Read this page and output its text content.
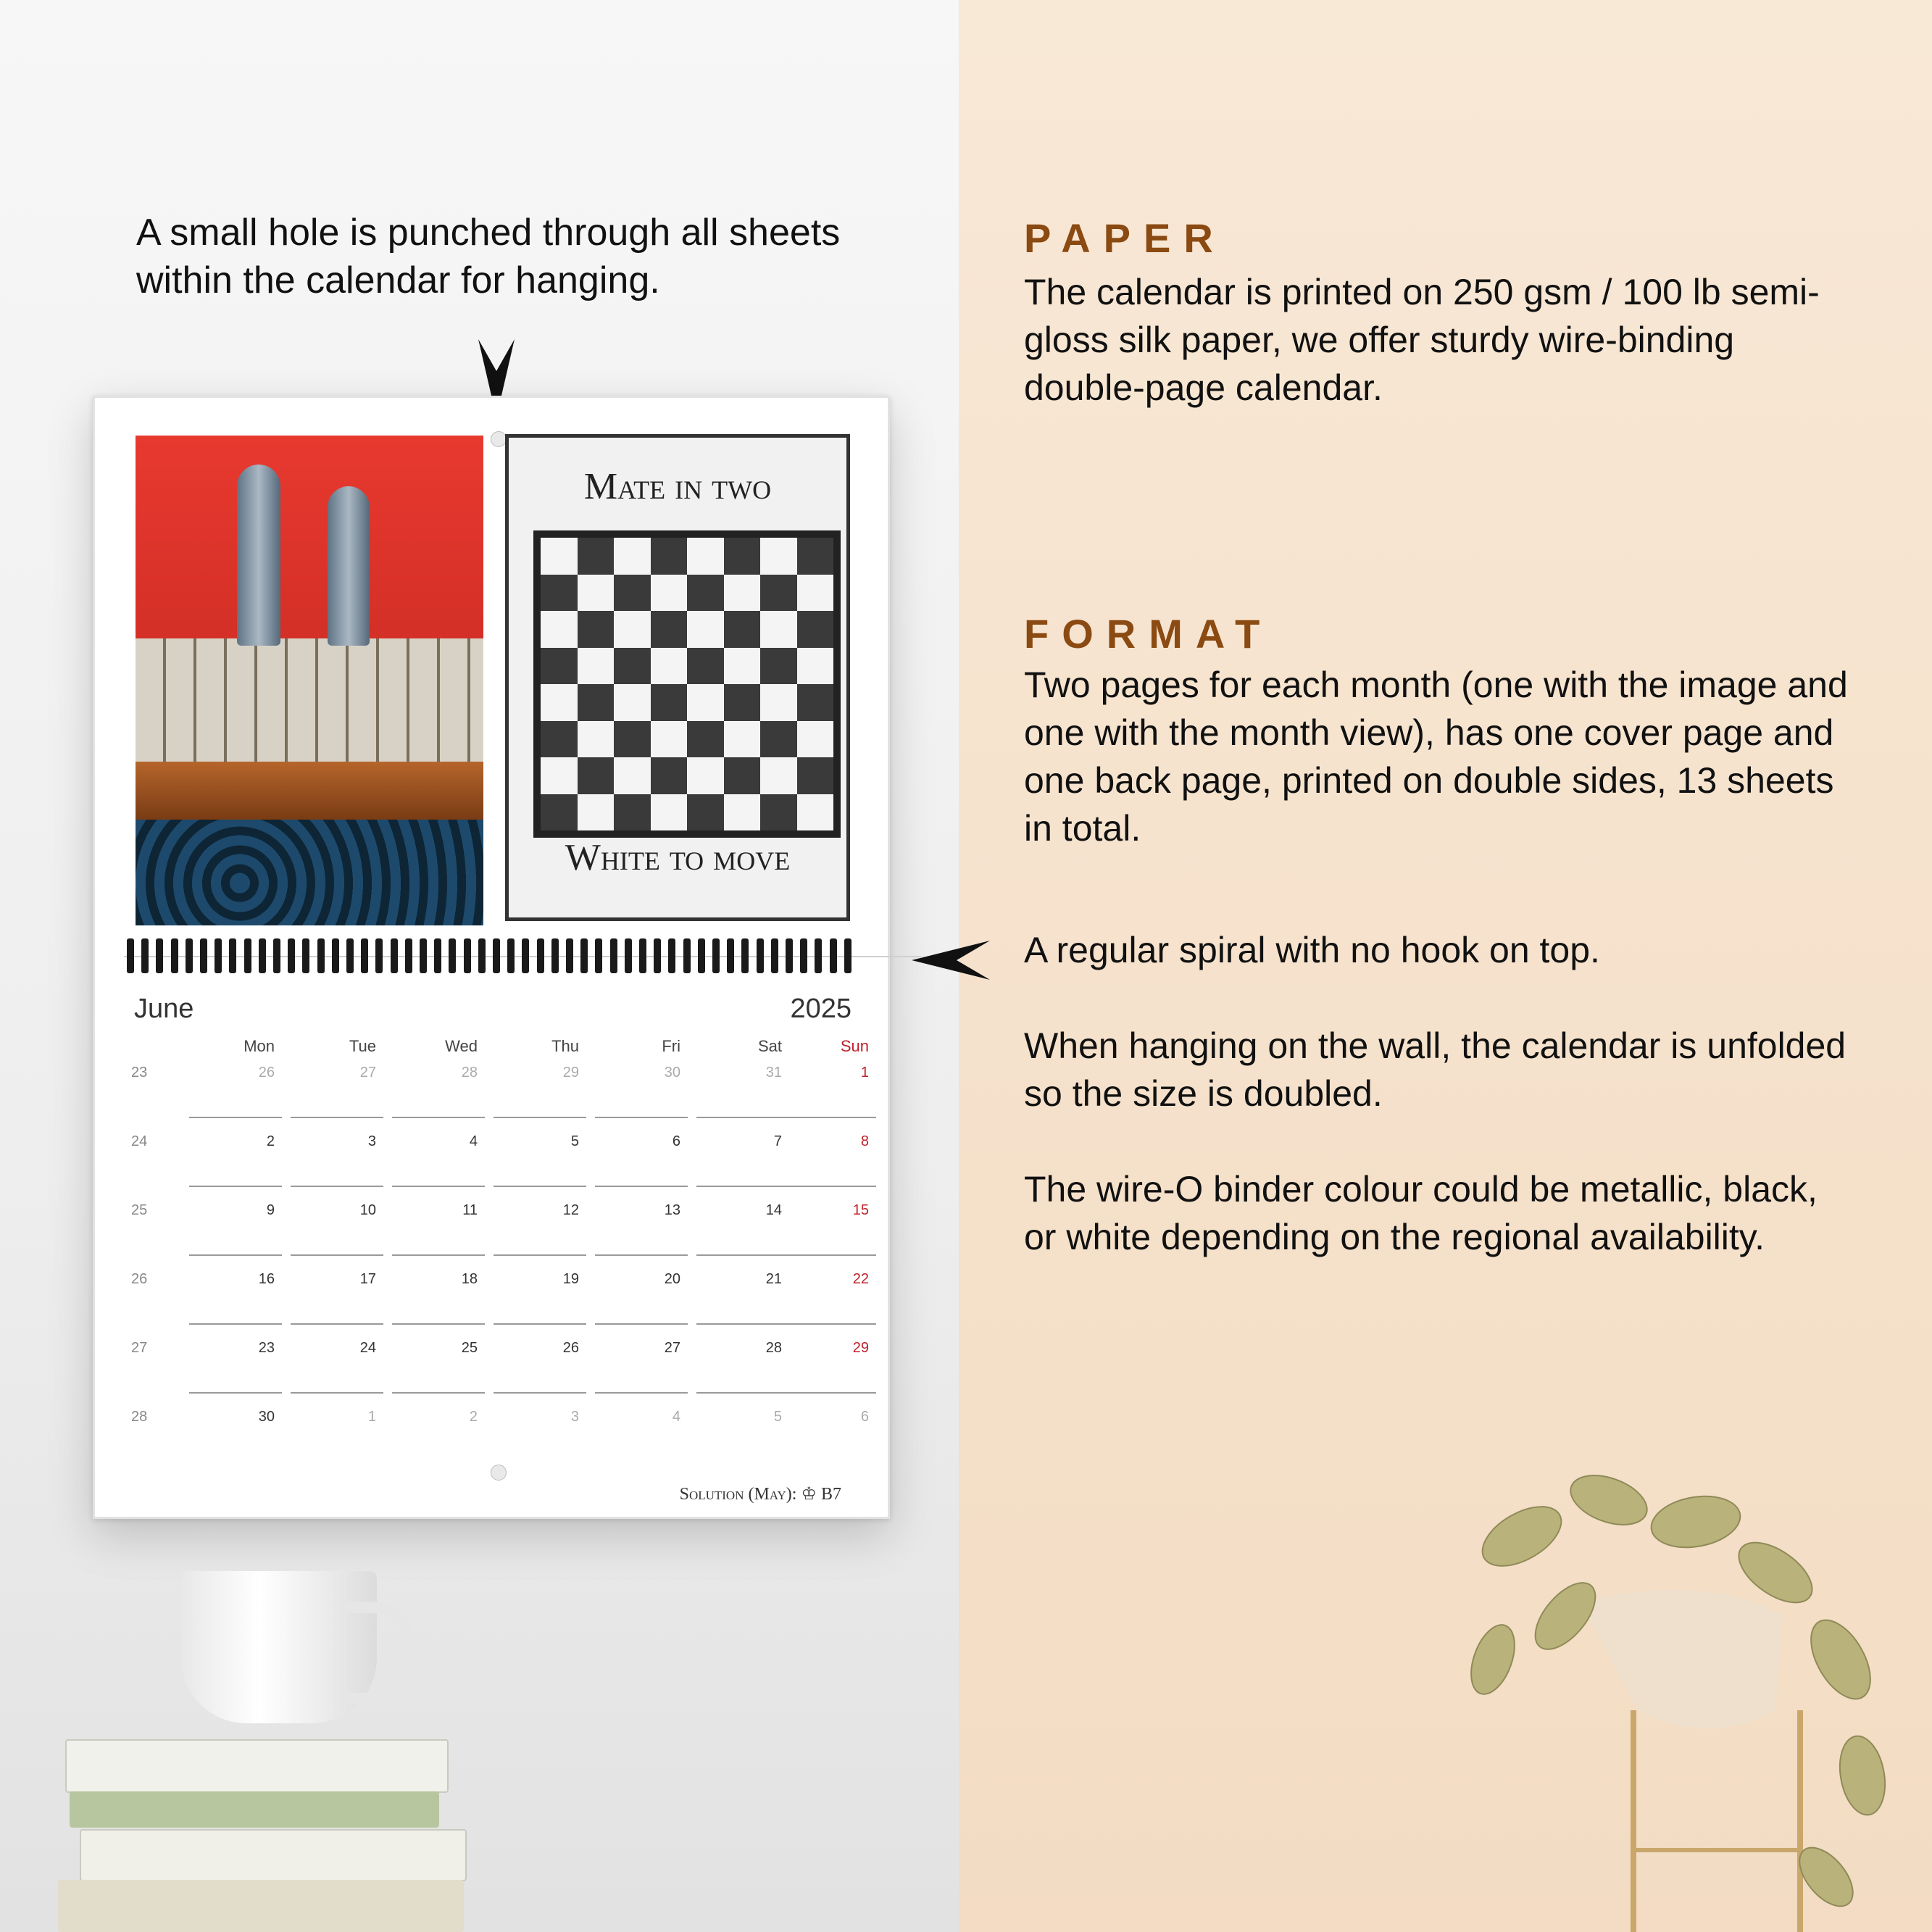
A small hole is punched through all sheets within the calendar for hanging.
PAPER
The calendar is printed on 250 gsm / 100 lb semi-gloss silk paper, we offer sturdy wire-binding double-page calendar.
FORMAT
Two pages for each month (one with the image and one with the month view), has one cover page and one back page, printed on double sides, 13 sheets in total.
A regular spiral with no hook on top.
When hanging on the wall, the calendar is unfolded so the size is doubled.
The wire-O binder colour could be metallic, black, or white depending on the regional availability.
Mate in two
White to move
June	2025
Mon	Tue	Wed	Thu	Fri	Sat	Sun
23	26	27	28	29	30	31	1
24	2	3	4	5	6	7	8
25	9	10	11	12	13	14	15
26	16	17	18	19	20	21	22
27	23	24	25	26	27	28	29
28	30	1	2	3	4	5	6
Solution (May): ♔ B7
